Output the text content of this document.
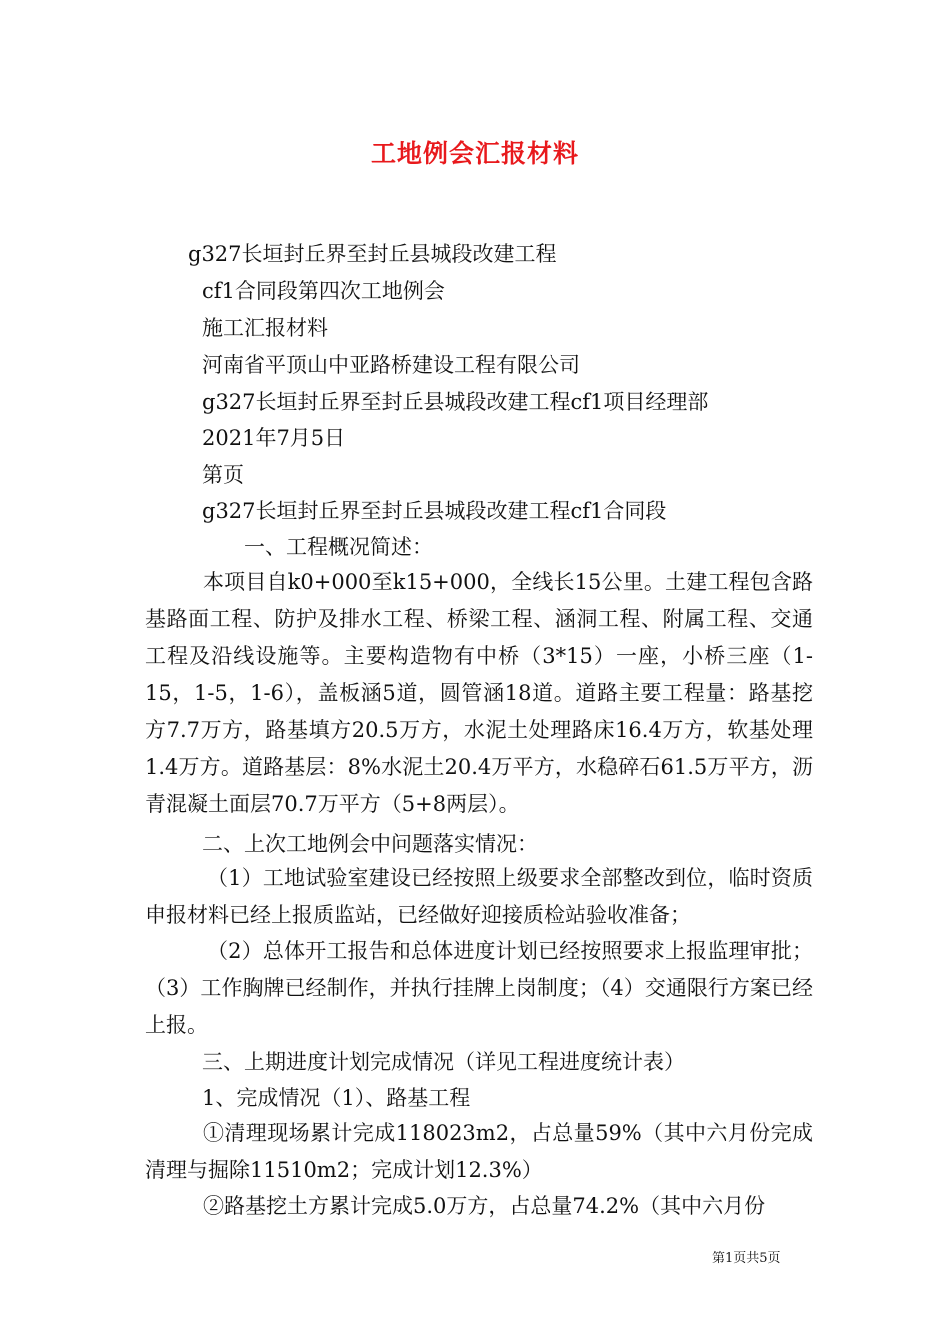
工地例会汇报材料
g327长垣封丘界至封丘县城段改建工程
cf1合同段第四次工地例会
施工汇报材料
河南省平顶山中亚路桥建设工程有限公司
g327长垣封丘界至封丘县城段改建工程cf1项目经理部
2021年7月5日
第页
g327长垣封丘界至封丘县城段改建工程cf1合同段
一、工程概况简述：
本项目自k0+000至k15+000，全线长15公里。土建工程包含路基路面工程、防护及排水工程、桥梁工程、涵洞工程、附属工程、交通工程及沿线设施等。主要构造物有中桥（3*15）一座，小桥三座（1-15，1-5，1-6），盖板涵5道，圆管涵18道。道路主要工程量：路基挖方7.7万方，路基填方20.5万方，水泥土处理路床16.4万方，软基处理1.4万方。道路基层：8%水泥土20.4万平方，水稳碎石61.5万平方，沥青混凝土面层70.7万平方（5+8两层）。
二、上次工地例会中问题落实情况：
（1）工地试验室建设已经按照上级要求全部整改到位，临时资质申报材料已经上报质监站，已经做好迎接质检站验收准备；
（2）总体开工报告和总体进度计划已经按照要求上报监理审批；（3）工作胸牌已经制作，并执行挂牌上岗制度；（4）交通限行方案已经上报。
三、上期进度计划完成情况（详见工程进度统计表）
1、完成情况（1）、路基工程
①清理现场累计完成118023m2，占总量59%（其中六月份完成清理与掘除11510m2；完成计划12.3%）
②路基挖土方累计完成5.0万方，占总量74.2%（其中六月份
第1页共5页
